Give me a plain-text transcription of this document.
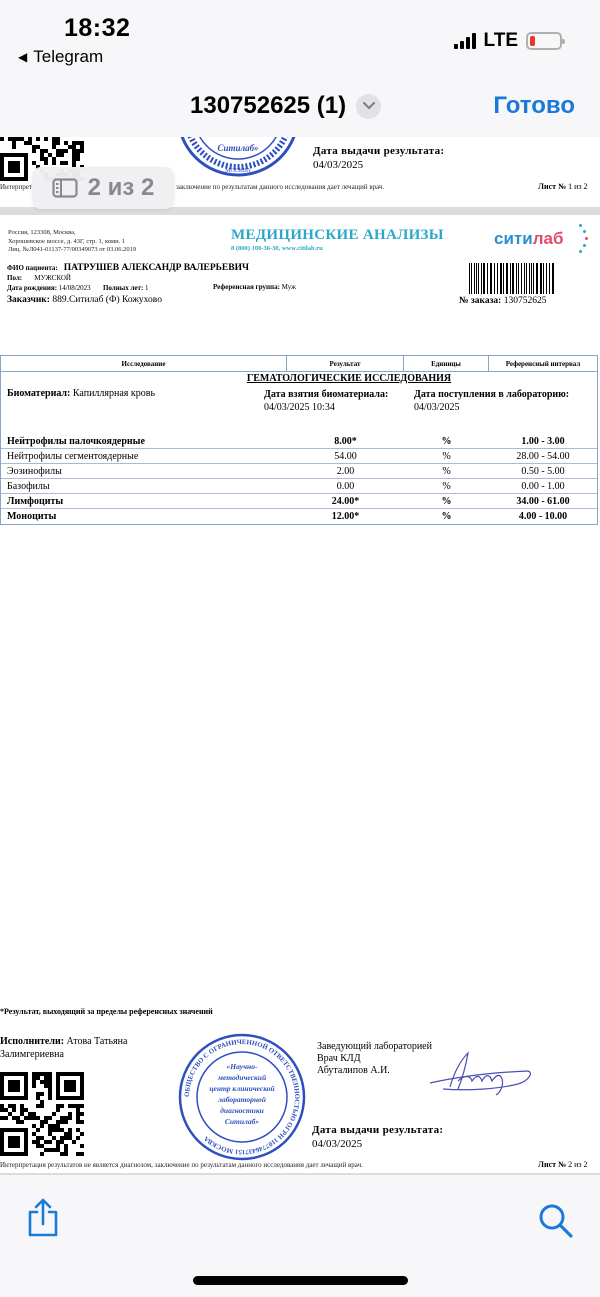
18:32
◀ Telegram
LTE
130752625 (1)	Готово
2 из 2
Ситилаб»
МОСКВА
Дата выдачи результата:
04/03/2025
Интерпрет	заключение по результатам данного исследования дает лечащий врач.	Лист № 1 из 2
Россия, 123308, Москва,
Хорошевское шоссе, д. 43Г, стр. 1, комн. 1
Лиц. №Л041-01137-77/00349073 от 03.06.2019
МЕДИЦИНСКИЕ АНАЛИЗЫ
8 (800) 100-36-30, www.citilab.ru
ситилаб
ФИО пациента: ПАТРУШЕВ АЛЕКСАНДР ВАЛЕРЬЕВИЧ
Пол: МУЖСКОЙ
Дата рождения: 14/08/2023 Полных лет: 1	Референсная группа: Муж
Заказчик: 889.Ситилаб (Ф) Кожухово	№ заказа: 130752625
Исследование	Результат	Единицы	Референсный интервал
ГЕМАТОЛОГИЧЕСКИЕ ИССЛЕДОВАНИЯ
Биоматериал: Капиллярная кровь	Дата взятия биоматериала:
04/03/2025 10:34
Дата поступления в лабораторию:
04/03/2025
Нейтрофилы палочкоядерные	8.00*	%	1.00 - 3.00
Нейтрофилы сегментоядерные	54.00	%	28.00 - 54.00
Эозинофилы	2.00	%	0.50 - 5.00
Базофилы	0.00	%	0.00 - 1.00
Лимфоциты	24.00*	%	34.00 - 61.00
Моноциты	12.00*	%	4.00 - 10.00
*Результат, выходящий за пределы референсных значений
Исполнители: Атова Татьяна
Залимгериевна
Заведующий лабораторией
Врач КЛД
Абуталипов А.И.
ОБЩЕСТВО С ОГРАНИЧЕННОЙ ОТВЕТСТВЕННОСТЬЮ ОГРН 1107746437151 МОСКВА
«Научно-
методический
центр клинической
лабораторной
диагностики
Ситилаб»
Дата выдачи результата:
04/03/2025
Интерпретация результатов не является диагнозом, заключение по результатам данного исследования дает лечащий врач.	Лист № 2 из 2
